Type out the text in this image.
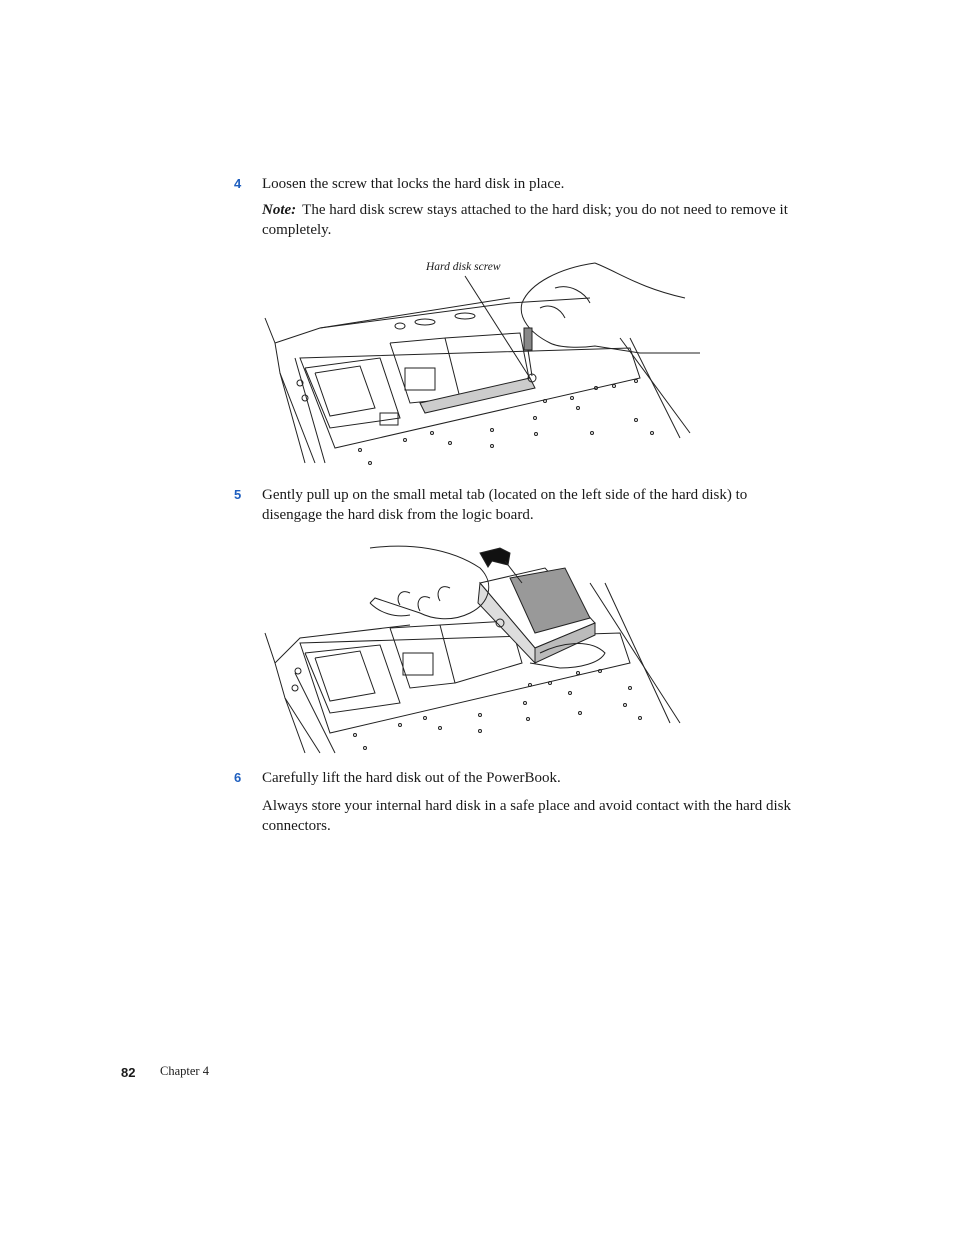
4 Loosen the screw that locks the hard disk in place.
Note: The hard disk screw stays attached to the hard disk; you do not need to remove it completely.
Hard disk screw
5 Gently pull up on the small metal tab (located on the left side of the hard disk) to disengage the hard disk from the logic board.
6 Carefully lift the hard disk out of the PowerBook.
Always store your internal hard disk in a safe place and avoid contact with the hard disk connectors.
82 Chapter 4
